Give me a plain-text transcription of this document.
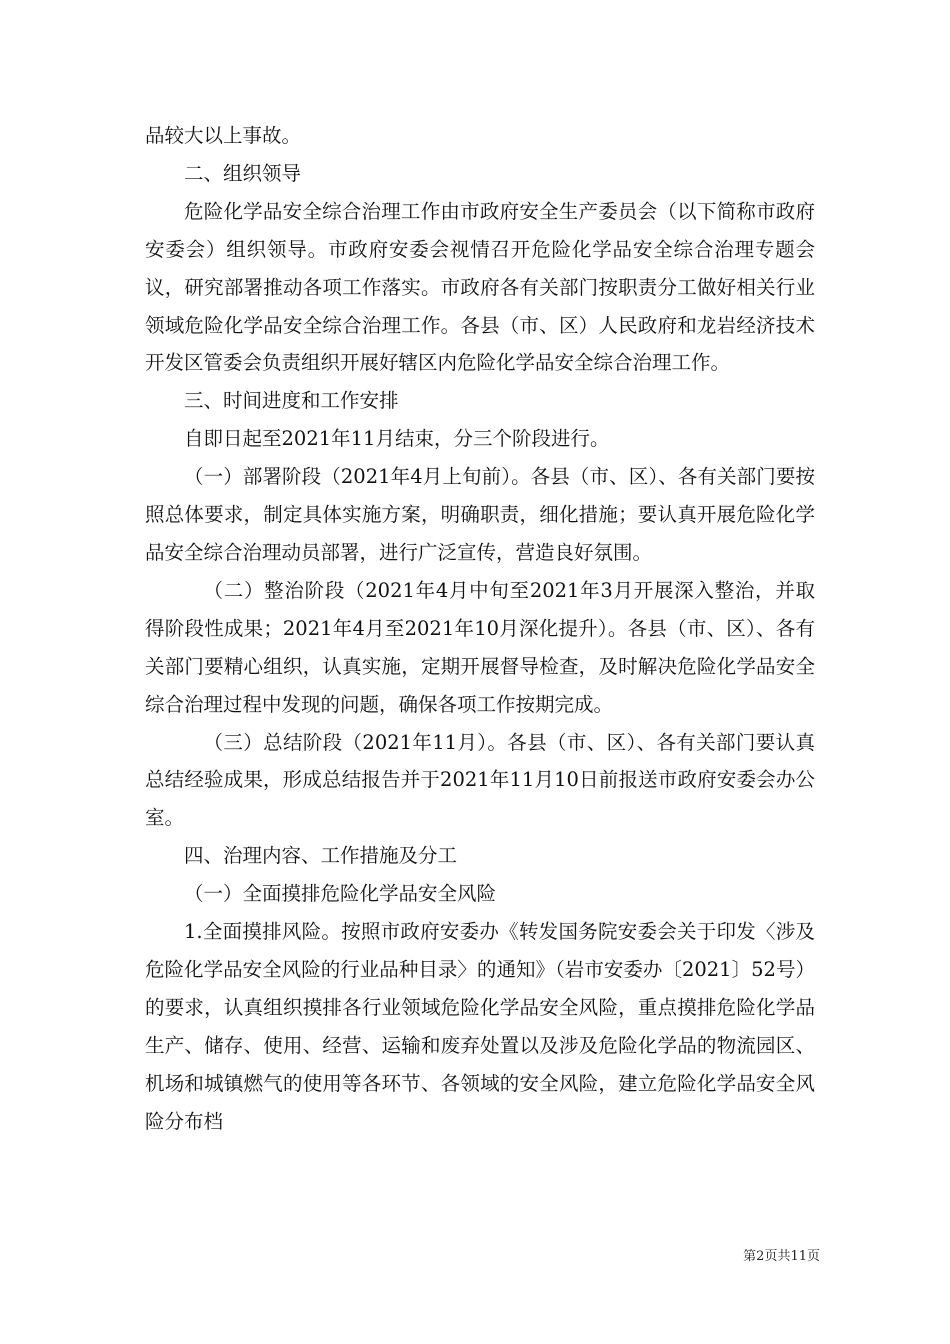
品较大以上事故。

二、组织领导

危险化学品安全综合治理工作由市政府安全生产委员会（以下简称市政府安委会）组织领导。市政府安委会视情召开危险化学品安全综合治理专题会议，研究部署推动各项工作落实。市政府各有关部门按职责分工做好相关行业领域危险化学品安全综合治理工作。各县（市、区）人民政府和龙岩经济技术开发区管委会负责组织开展好辖区内危险化学品安全综合治理工作。

三、时间进度和工作安排

自即日起至2021年11月结束，分三个阶段进行。

（一）部署阶段（2021年4月上旬前）。各县（市、区）、各有关部门要按照总体要求，制定具体实施方案，明确职责，细化措施；要认真开展危险化学品安全综合治理动员部署，进行广泛宣传，营造良好氛围。

（二）整治阶段（2021年4月中旬至2021年3月开展深入整治，并取得阶段性成果；2021年4月至2021年10月深化提升）。各县（市、区）、各有关部门要精心组织，认真实施，定期开展督导检查，及时解决危险化学品安全综合治理过程中发现的问题，确保各项工作按期完成。

（三）总结阶段（2021年11月）。各县（市、区）、各有关部门要认真总结经验成果，形成总结报告并于2021年11月10日前报送市政府安委会办公室。

四、治理内容、工作措施及分工

（一）全面摸排危险化学品安全风险

1.全面摸排风险。按照市政府安委办《转发国务院安委会关于印发〈涉及危险化学品安全风险的行业品种目录〉的通知》（岩市安委办〔2021〕52号）的要求，认真组织摸排各行业领域危险化学品安全风险，重点摸排危险化学品生产、储存、使用、经营、运输和废弃处置以及涉及危险化学品的物流园区、机场和城镇燃气的使用等各环节、各领域的安全风险，建立危险化学品安全风险分布档

第2页共11页
